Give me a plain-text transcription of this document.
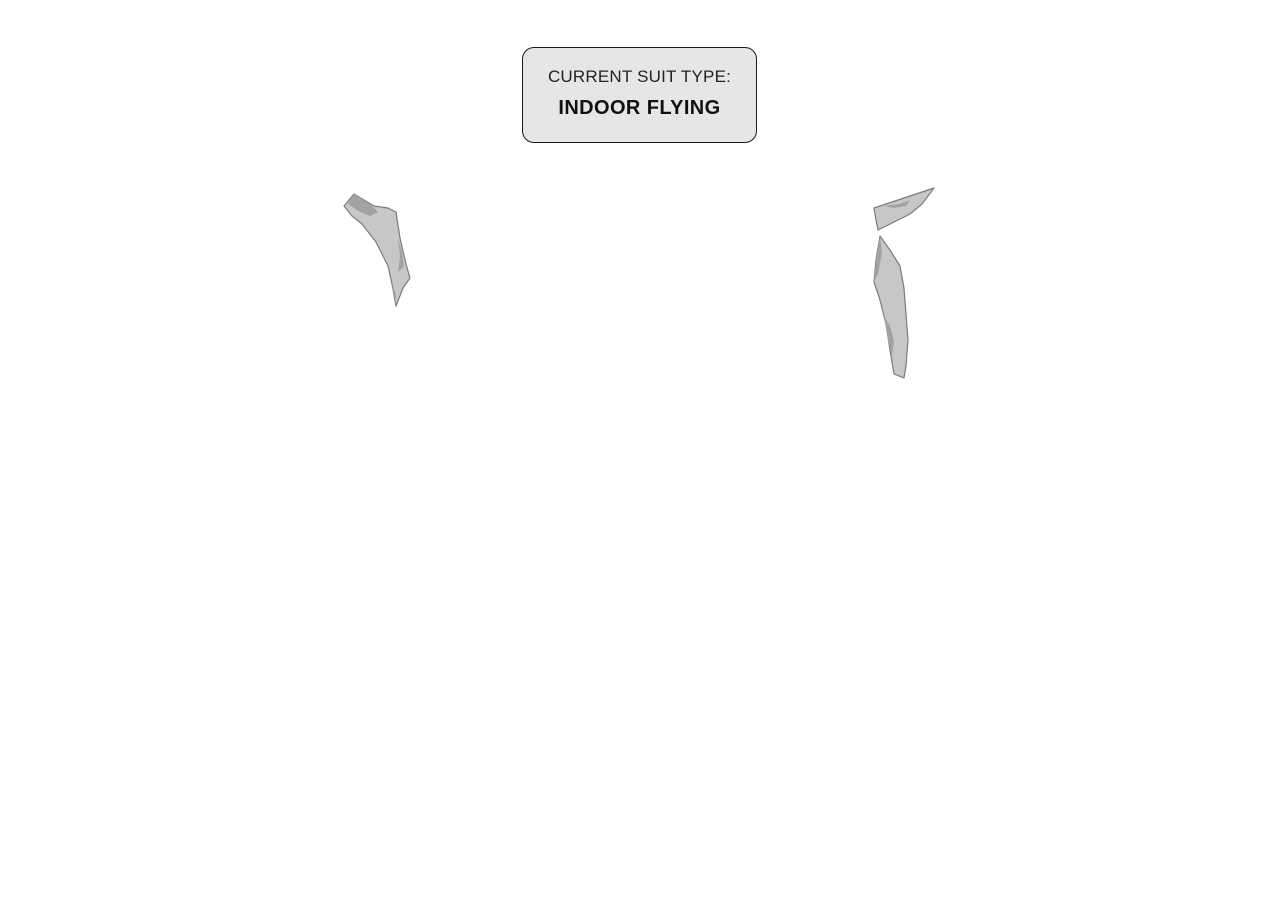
CURRENT SUIT TYPE:
INDOOR FLYING
